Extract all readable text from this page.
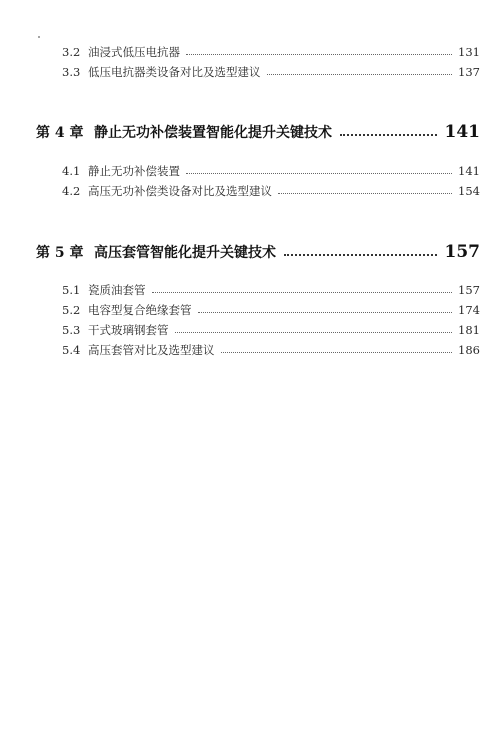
3.2 油浸式低压电抗器	131
3.3 低压电抗器类设备对比及选型建议	137
第 4 章 静止无功补偿装置智能化提升关键技术	141
4.1 静止无功补偿装置	141
4.2 高压无功补偿类设备对比及选型建议	154
第 5 章 高压套管智能化提升关键技术	157
5.1 瓷质油套管	157
5.2 电容型复合绝缘套管	174
5.3 干式玻璃钢套管	181
5.4 高压套管对比及选型建议	186
